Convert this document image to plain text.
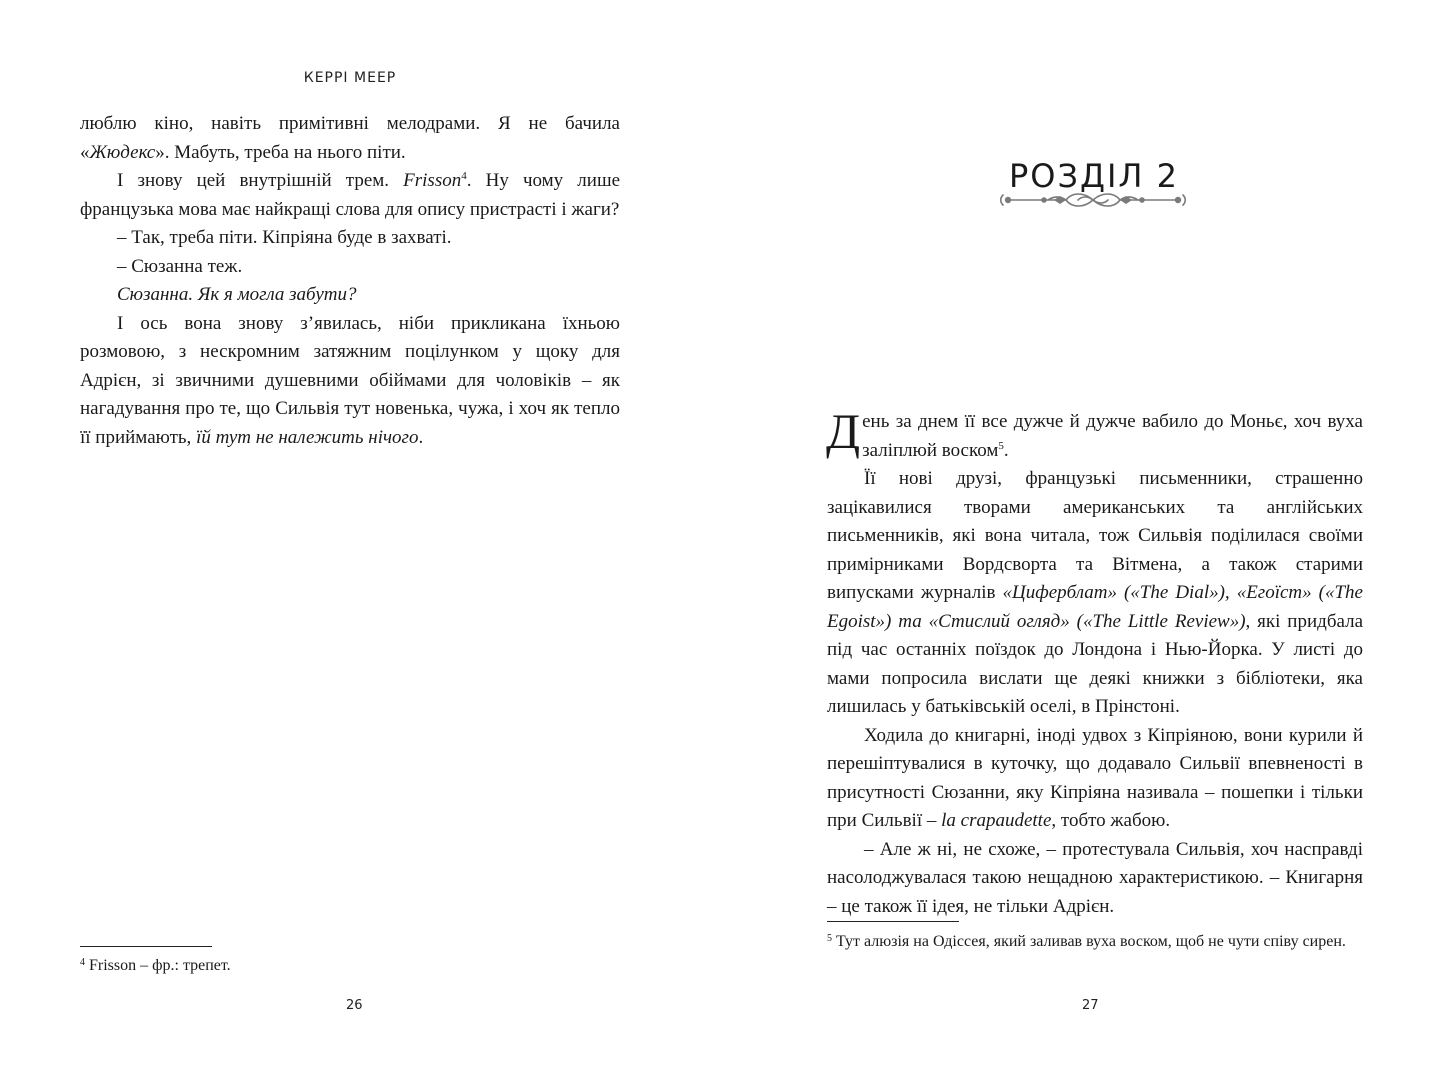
КЕРРІ МЕЕР

люблю кіно, навіть примітивні мелодрами. Я не бачила «Жюдекс». Мабуть, треба на нього піти.

І знову цей внутрішній трем. Frisson$^4$. Ну чому лише французька мова має найкращі слова для опису пристрасті і жаги?

– Так, треба піти. Кіпріяна буде в захваті.

– Сюзанна теж.

Сюзанна. Як я могла забути?

І ось вона знову з’явилась, ніби прикликана їхньою розмовою, з нескромним затяжним поцілунком у щоку для Адрієн, зі звичними душевними обіймами для чоловіків – як нагадування про те, що Сильвія тут новенька, чужа, і хоч як тепло її приймають, їй тут не належить нічого.

$^4$ Frisson – фр.: трепет.
26
РОЗДІЛ 2

День за днем її все дужче й дужче вабило до Моньє, хоч вуха заліплюй воском$^5$.

Її нові друзі, французькі письменники, страшенно зацікавилися творами американських та англійських письменників, які вона читала, тож Сильвія поділилася своїми примірниками Вордсворта та Вітмена, а також старими випусками журналів «Циферблат» («The Dial»), «Егоїст» («The Egoist») та «Стислий огляд» («The Little Review»), які придбала під час останніх поїздок до Лондона і Нью-Йорка. У листі до мами попросила вислати ще деякі книжки з бібліотеки, яка лишилась у батьківській оселі, в Прінстоні.

Ходила до книгарні, іноді удвох з Кіпріяною, вони курили й перешіптувалися в куточку, що додавало Сильвії впевненості в присутності Сюзанни, яку Кіпріяна називала – пошепки і тільки при Сильвії – la crapaudette, тобто жабою.

– Але ж ні, не схоже, – протестувала Сильвія, хоч насправді насолоджувалася такою нещадною характеристикою. – Книгарня – це також її ідея, не тільки Адрієн.

$^5$ Тут алюзія на Одіссея, який заливав вуха воском, щоб не чути співу сирен.
27
